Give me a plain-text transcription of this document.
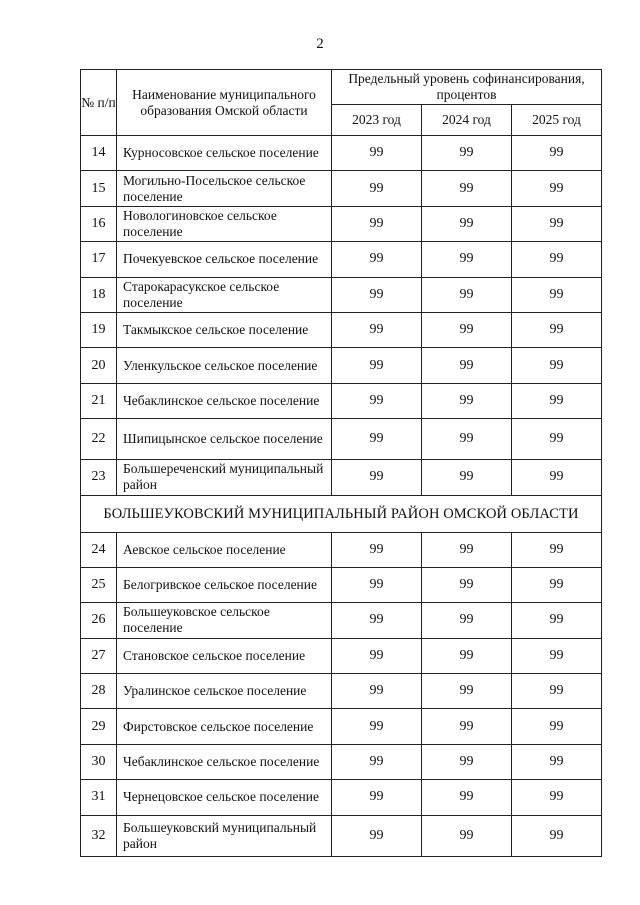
2
№ п/п	Наименование муниципального образования Омской области	Предельный уровень софинансирования, процентов		
		2023 год	2024 год	2025 год
14	Курносовское сельское поселение	99	99	99
15	Могильно-Посельское сельское поселение	99	99	99
16	Новологиновское сельское поселение	99	99	99
17	Почекуевское сельское поселение	99	99	99
18	Старокарасукское сельское поселение	99	99	99
19	Такмыкское сельское поселение	99	99	99
20	Уленкульское сельское поселение	99	99	99
21	Чебаклинское сельское поселение	99	99	99
22	Шипицынское сельское поселение	99	99	99
23	Большереченский муниципальный район	99	99	99
БОЛЬШЕУКОВСКИЙ МУНИЦИПАЛЬНЫЙ РАЙОН ОМСКОЙ ОБЛАСТИ				
24	Аевское сельское поселение	99	99	99
25	Белогривское сельское поселение	99	99	99
26	Большеуковское сельское поселение	99	99	99
27	Становское сельское поселение	99	99	99
28	Уралинское сельское поселение	99	99	99
29	Фирстовское сельское поселение	99	99	99
30	Чебаклинское сельское поселение	99	99	99
31	Чернецовское сельское поселение	99	99	99
32	Большеуковский муниципальный район	99	99	99
